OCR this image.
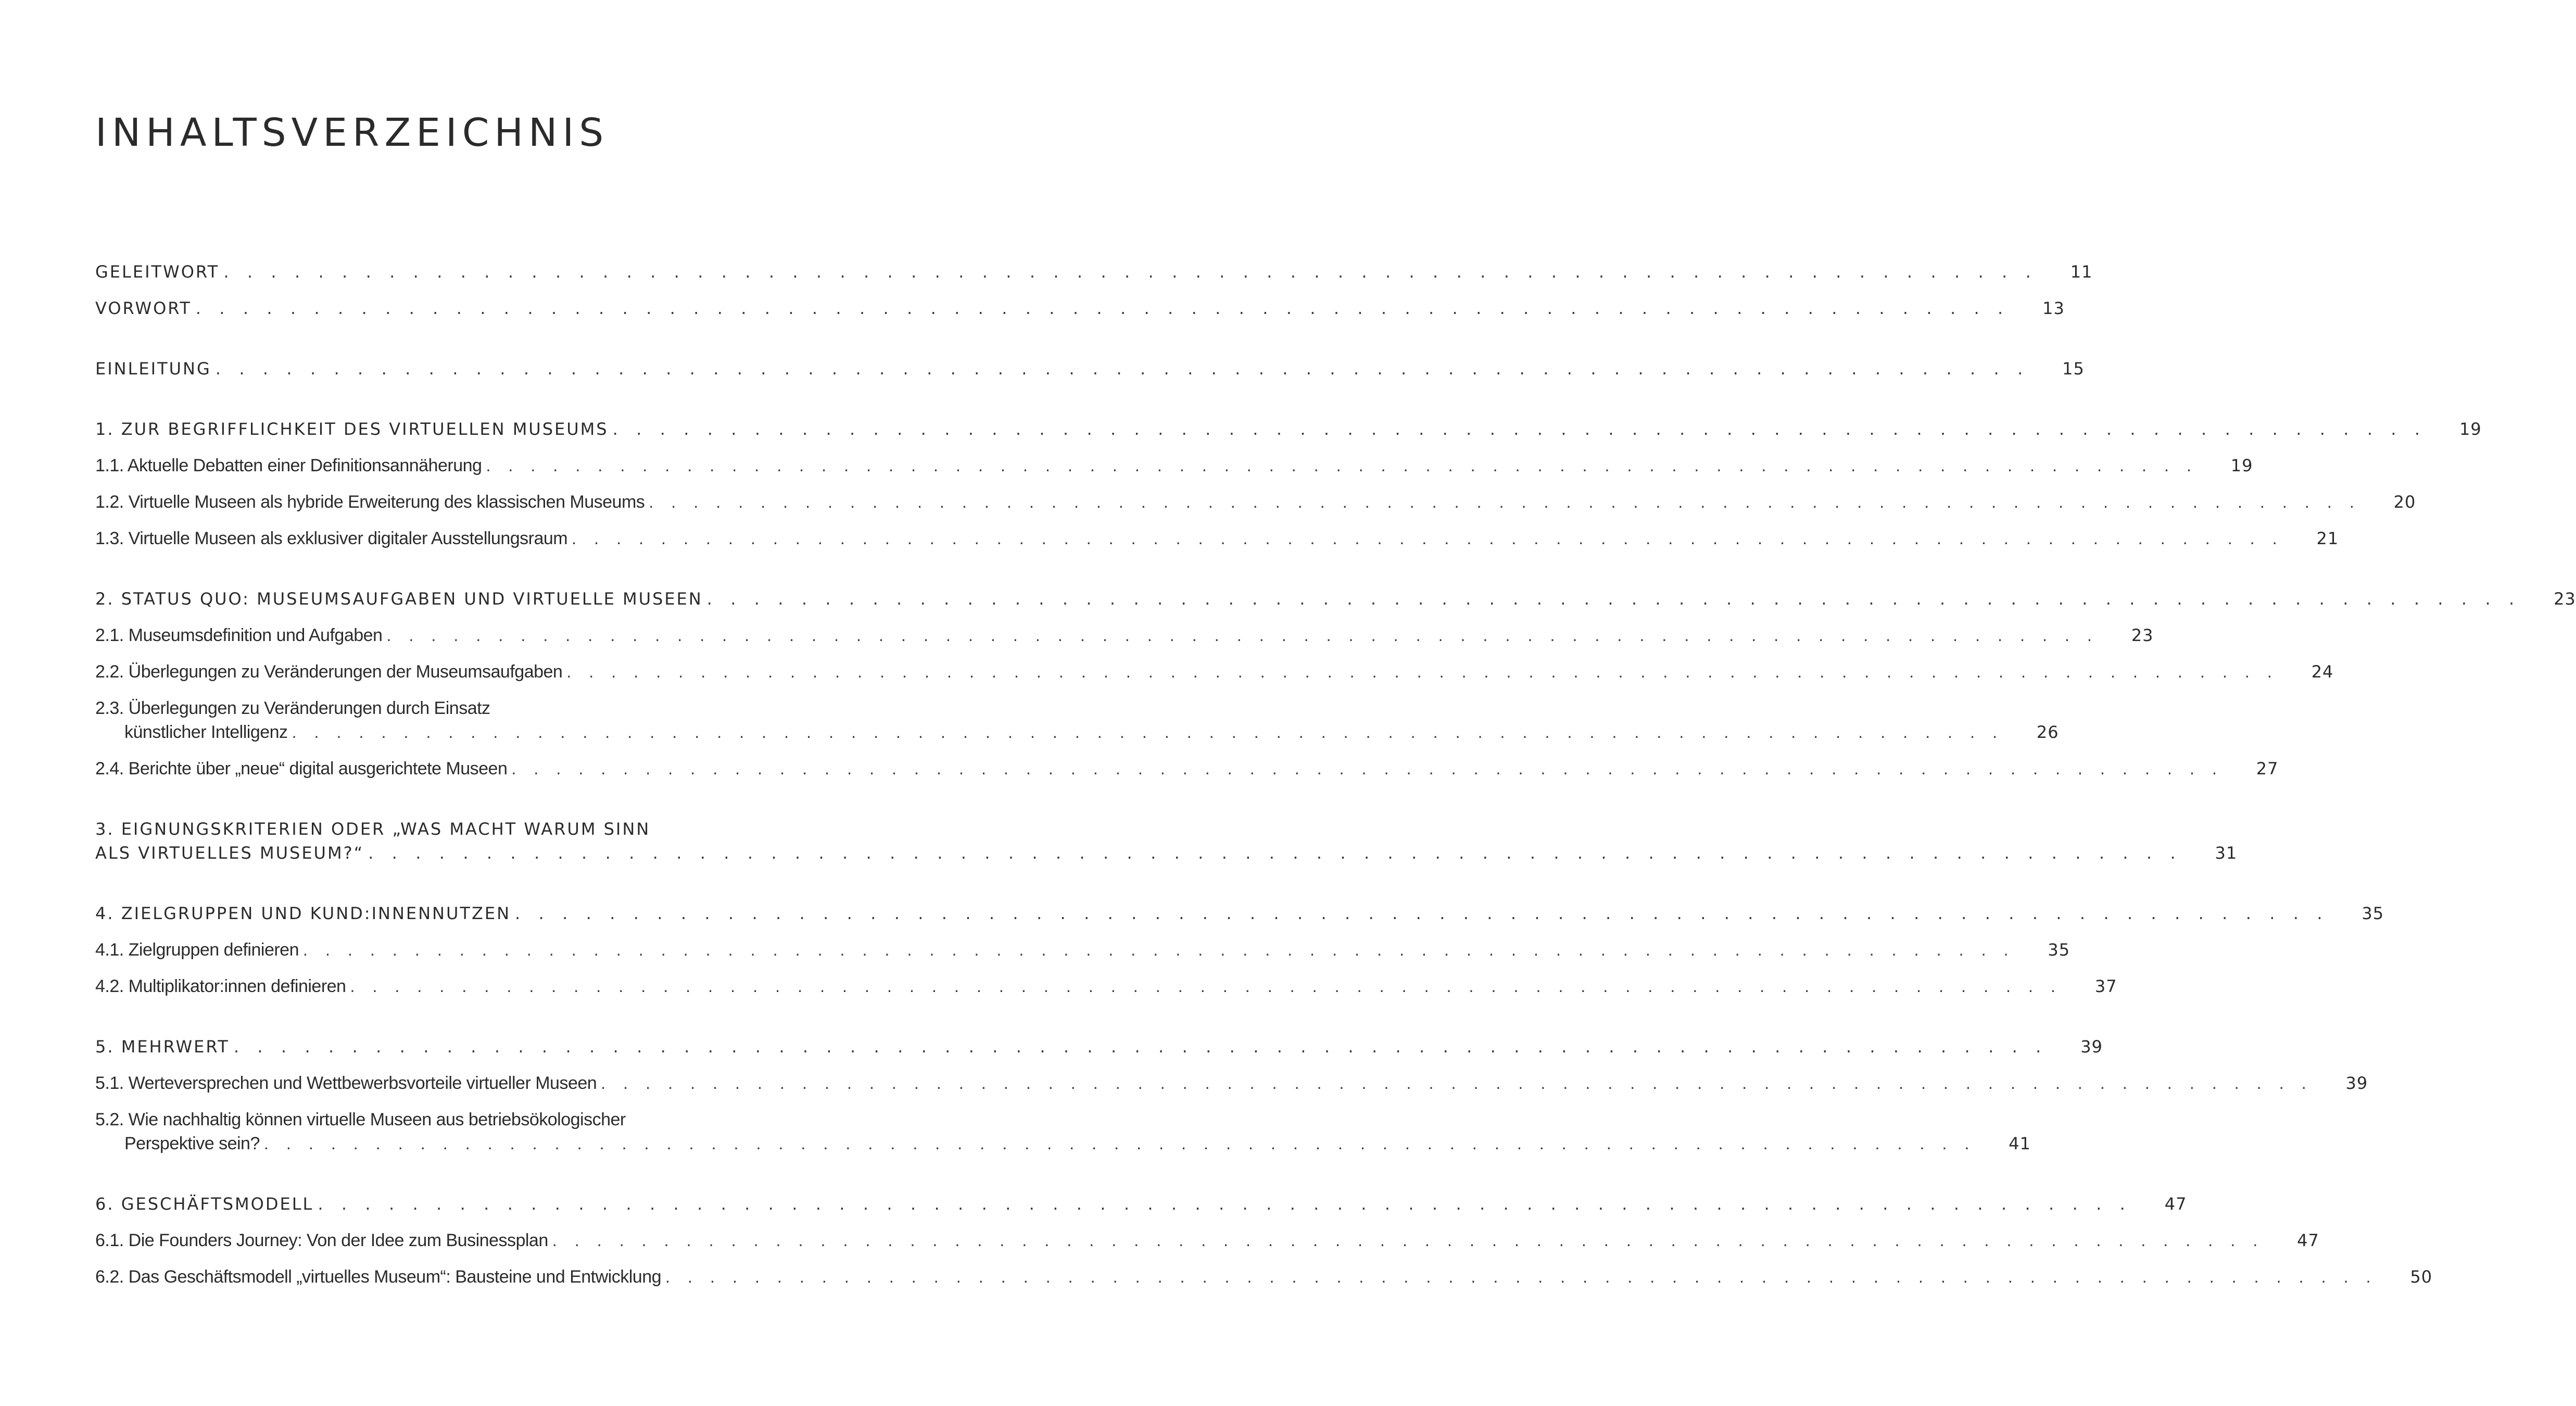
INHALTSVERZEICHNIS
GELEITWORT . . . . . . . . . . . . . . . . . . . . . . . . . . . . . . . . . . . . . . . . . . . . . . . . . . . . . . . . . . . . . . . . . . . . . . . . . . . . .	11
VORWORT . . . . . . . . . . . . . . . . . . . . . . . . . . . . . . . . . . . . . . . . . . . . . . . . . . . . . . . . . . . . . . . . . . . . . . . . . . . . .	13
EINLEITUNG . . . . . . . . . . . . . . . . . . . . . . . . . . . . . . . . . . . . . . . . . . . . . . . . . . . . . . . . . . . . . . . . . . . . . . . . . . . . .	15
1. ZUR BEGRIFFLICHKEIT DES VIRTUELLEN MUSEUMS . . . . . . . . . . . . . . . . . . . . . . . . . . . . . . . . . . . . . . . . . . . . . . . . . . . . . . . . . . . . . . . . . . . . . . . . . . . . .	19
1.1. Aktuelle Debatten einer Definitionsannäherung . . . . . . . . . . . . . . . . . . . . . . . . . . . . . . . . . . . . . . . . . . . . . . . . . . . . . . . . . . . . . . . . . . . . . . . . . . . . .	19
1.2. Virtuelle Museen als hybride Erweiterung des klassischen Museums . . . . . . . . . . . . . . . . . . . . . . . . . . . . . . . . . . . . . . . . . . . . . . . . . . . . . . . . . . . . . . . . . . . . . . . . . . . . .	20
1.3. Virtuelle Museen als exklusiver digitaler Ausstellungsraum . . . . . . . . . . . . . . . . . . . . . . . . . . . . . . . . . . . . . . . . . . . . . . . . . . . . . . . . . . . . . . . . . . . . . . . . . . . . .	21
2. STATUS QUO: MUSEUMSAUFGABEN UND VIRTUELLE MUSEEN . . . . . . . . . . . . . . . . . . . . . . . . . . . . . . . . . . . . . . . . . . . . . . . . . . . . . . . . . . . . . . . . . . . . . . . . . . . . .	23
2.1. Museumsdefinition und Aufgaben . . . . . . . . . . . . . . . . . . . . . . . . . . . . . . . . . . . . . . . . . . . . . . . . . . . . . . . . . . . . . . . . . . . . . . . . . . . . .	23
2.2. Überlegungen zu Veränderungen der Museumsaufgaben . . . . . . . . . . . . . . . . . . . . . . . . . . . . . . . . . . . . . . . . . . . . . . . . . . . . . . . . . . . . . . . . . . . . . . . . . . . . .	24
2.3. Überlegungen zu Veränderungen durch Einsatz
künstlicher Intelligenz . . . . . . . . . . . . . . . . . . . . . . . . . . . . . . . . . . . . . . . . . . . . . . . . . . . . . . . . . . . . . . . . . . . . . . . . . . . . .	26
2.4. Berichte über „neue“ digital ausgerichtete Museen . . . . . . . . . . . . . . . . . . . . . . . . . . . . . . . . . . . . . . . . . . . . . . . . . . . . . . . . . . . . . . . . . . . . . . . . . . . . .	27
3. EIGNUNGSKRITERIEN ODER „WAS MACHT WARUM SINN
ALS VIRTUELLES MUSEUM?“ . . . . . . . . . . . . . . . . . . . . . . . . . . . . . . . . . . . . . . . . . . . . . . . . . . . . . . . . . . . . . . . . . . . . . . . . . . . . .	31
4. ZIELGRUPPEN UND KUND:INNENNUTZEN . . . . . . . . . . . . . . . . . . . . . . . . . . . . . . . . . . . . . . . . . . . . . . . . . . . . . . . . . . . . . . . . . . . . . . . . . . . . .	35
4.1. Zielgruppen definieren . . . . . . . . . . . . . . . . . . . . . . . . . . . . . . . . . . . . . . . . . . . . . . . . . . . . . . . . . . . . . . . . . . . . . . . . . . . . .	35
4.2. Multiplikator:innen definieren . . . . . . . . . . . . . . . . . . . . . . . . . . . . . . . . . . . . . . . . . . . . . . . . . . . . . . . . . . . . . . . . . . . . . . . . . . . . .	37
5. MEHRWERT . . . . . . . . . . . . . . . . . . . . . . . . . . . . . . . . . . . . . . . . . . . . . . . . . . . . . . . . . . . . . . . . . . . . . . . . . . . . .	39
5.1. Werteversprechen und Wettbewerbsvorteile virtueller Museen . . . . . . . . . . . . . . . . . . . . . . . . . . . . . . . . . . . . . . . . . . . . . . . . . . . . . . . . . . . . . . . . . . . . . . . . . . . . .	39
5.2. Wie nachhaltig können virtuelle Museen aus betriebsökologischer
Perspektive sein? . . . . . . . . . . . . . . . . . . . . . . . . . . . . . . . . . . . . . . . . . . . . . . . . . . . . . . . . . . . . . . . . . . . . . . . . . . . . .	41
6. GESCHÄFTSMODELL . . . . . . . . . . . . . . . . . . . . . . . . . . . . . . . . . . . . . . . . . . . . . . . . . . . . . . . . . . . . . . . . . . . . . . . . . . . . .	47
6.1. Die Founders Journey: Von der Idee zum Businessplan . . . . . . . . . . . . . . . . . . . . . . . . . . . . . . . . . . . . . . . . . . . . . . . . . . . . . . . . . . . . . . . . . . . . . . . . . . . . .	47
6.2. Das Geschäftsmodell „virtuelles Museum“: Bausteine und Entwicklung . . . . . . . . . . . . . . . . . . . . . . . . . . . . . . . . . . . . . . . . . . . . . . . . . . . . . . . . . . . . . . . . . . . . . . . . . . . . .	50
